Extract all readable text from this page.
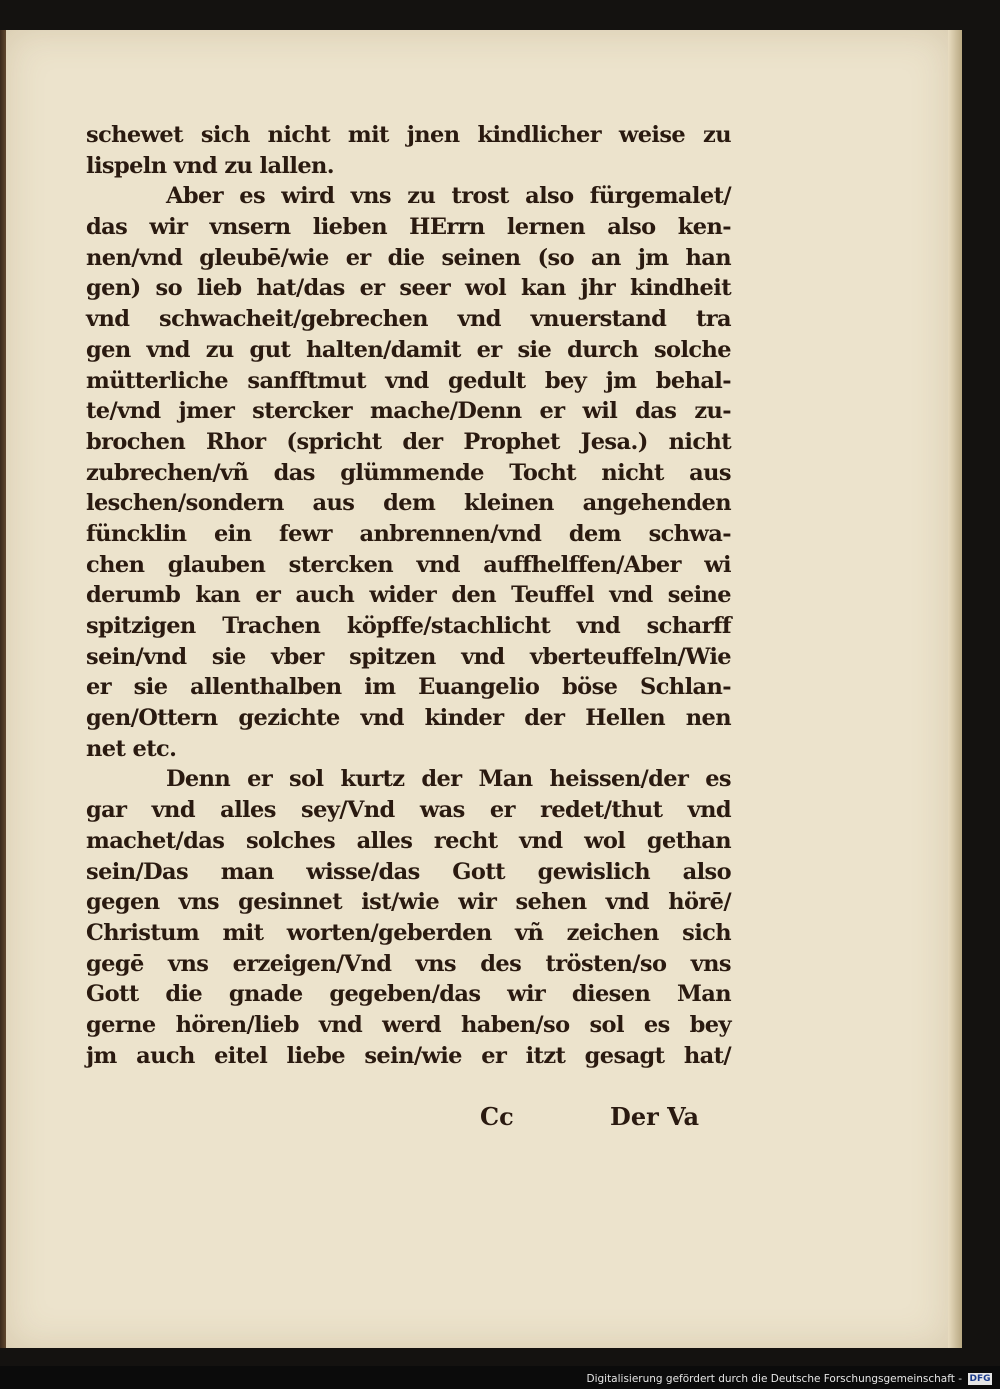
schewet sich nicht mit jnen kindlicher weise zu
lispeln vnd zu lallen.
Aber es wird vns zu trost also fürgemalet/
das wir vnsern lieben HErrn lernen also ken-
nen/vnd gleubē/wie er die seinen (so an jm han
gen) so lieb hat/das er seer wol kan jhr kindheit
vnd schwacheit/gebrechen vnd vnuerstand tra
gen vnd zu gut halten/damit er sie durch solche
mütterliche sanfftmut vnd gedult bey jm behal-
te/vnd jmer stercker mache/Denn er wil das zu-
brochen Rhor (spricht der Prophet Jesa.) nicht
zubrechen/vñ das glümmende Tocht nicht aus
leschen/sondern aus dem kleinen angehenden
füncklin ein fewr anbrennen/vnd dem schwa-
chen glauben stercken vnd auffhelffen/Aber wi
derumb kan er auch wider den Teuffel vnd seine
spitzigen Trachen köpffe/stachlicht vnd scharff
sein/vnd sie vber spitzen vnd vberteuffeln/Wie
er sie allenthalben im Euangelio böse Schlan-
gen/Ottern gezichte vnd kinder der Hellen nen
net etc.
Denn er sol kurtz der Man heissen/der es
gar vnd alles sey/Vnd was er redet/thut vnd
machet/das solches alles recht vnd wol gethan
sein/Das man wisse/das Gott gewislich also
gegen vns gesinnet ist/wie wir sehen vnd hörē/
Christum mit worten/geberden vñ zeichen sich
gegē vns erzeigen/Vnd vns des trösten/so vns
Gott die gnade gegeben/das wir diesen Man
gerne hören/lieb vnd werd haben/so sol es bey
jm auch eitel liebe sein/wie er itzt gesagt hat/
Cc	Der Va
Digitalisierung gefördert durch die Deutsche Forschungsgemeinschaft - DFG
